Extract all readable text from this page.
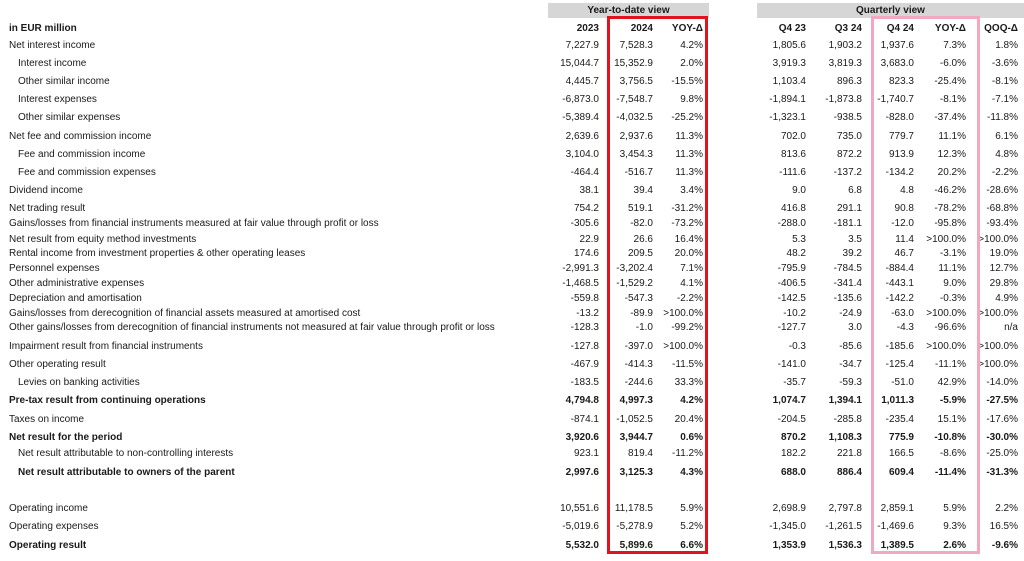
Year-to-date view	Quarterly view
in EUR million	2023	2024	YOY-Δ	Q4 23	Q3 24	Q4 24	YOY-Δ	QOQ-Δ
Net interest income	7,227.9	7,528.3	4.2%	1,805.6	1,903.2	1,937.6	7.3%	1.8%
Interest income	15,044.7	15,352.9	2.0%	3,919.3	3,819.3	3,683.0	-6.0%	-3.6%
Other similar income	4,445.7	3,756.5	-15.5%	1,103.4	896.3	823.3	-25.4%	-8.1%
Interest expenses	-6,873.0	-7,548.7	9.8%	-1,894.1	-1,873.8	-1,740.7	-8.1%	-7.1%
Other similar expenses	-5,389.4	-4,032.5	-25.2%	-1,323.1	-938.5	-828.0	-37.4%	-11.8%
Net fee and commission income	2,639.6	2,937.6	11.3%	702.0	735.0	779.7	11.1%	6.1%
Fee and commission income	3,104.0	3,454.3	11.3%	813.6	872.2	913.9	12.3%	4.8%
Fee and commission expenses	-464.4	-516.7	11.3%	-111.6	-137.2	-134.2	20.2%	-2.2%
Dividend income	38.1	39.4	3.4%	9.0	6.8	4.8	-46.2%	-28.6%
Net trading result	754.2	519.1	-31.2%	416.8	291.1	90.8	-78.2%	-68.8%
Gains/losses from financial instruments measured at fair value through profit or loss	-305.6	-82.0	-73.2%	-288.0	-181.1	-12.0	-95.8%	-93.4%
Net result from equity method investments	22.9	26.6	16.4%	5.3	3.5	11.4	>100.0%	>100.0%
Rental income from investment properties & other operating leases	174.6	209.5	20.0%	48.2	39.2	46.7	-3.1%	19.0%
Personnel expenses	-2,991.3	-3,202.4	7.1%	-795.9	-784.5	-884.4	11.1%	12.7%
Other administrative expenses	-1,468.5	-1,529.2	4.1%	-406.5	-341.4	-443.1	9.0%	29.8%
Depreciation and amortisation	-559.8	-547.3	-2.2%	-142.5	-135.6	-142.2	-0.3%	4.9%
Gains/losses from derecognition of financial assets measured at amortised cost	-13.2	-89.9	>100.0%	-10.2	-24.9	-63.0	>100.0%	>100.0%
Other gains/losses from derecognition of financial instruments not measured at fair value through profit or loss	-128.3	-1.0	-99.2%	-127.7	3.0	-4.3	-96.6%	n/a
Impairment result from financial instruments	-127.8	-397.0	>100.0%	-0.3	-85.6	-185.6	>100.0%	>100.0%
Other operating result	-467.9	-414.3	-11.5%	-141.0	-34.7	-125.4	-11.1%	>100.0%
Levies on banking activities	-183.5	-244.6	33.3%	-35.7	-59.3	-51.0	42.9%	-14.0%
Pre-tax result from continuing operations	4,794.8	4,997.3	4.2%	1,074.7	1,394.1	1,011.3	-5.9%	-27.5%
Taxes on income	-874.1	-1,052.5	20.4%	-204.5	-285.8	-235.4	15.1%	-17.6%
Net result for the period	3,920.6	3,944.7	0.6%	870.2	1,108.3	775.9	-10.8%	-30.0%
Net result attributable to non-controlling interests	923.1	819.4	-11.2%	182.2	221.8	166.5	-8.6%	-25.0%
Net result attributable to owners of the parent	2,997.6	3,125.3	4.3%	688.0	886.4	609.4	-11.4%	-31.3%
Operating income	10,551.6	11,178.5	5.9%	2,698.9	2,797.8	2,859.1	5.9%	2.2%
Operating expenses	-5,019.6	-5,278.9	5.2%	-1,345.0	-1,261.5	-1,469.6	9.3%	16.5%
Operating result	5,532.0	5,899.6	6.6%	1,353.9	1,536.3	1,389.5	2.6%	-9.6%
